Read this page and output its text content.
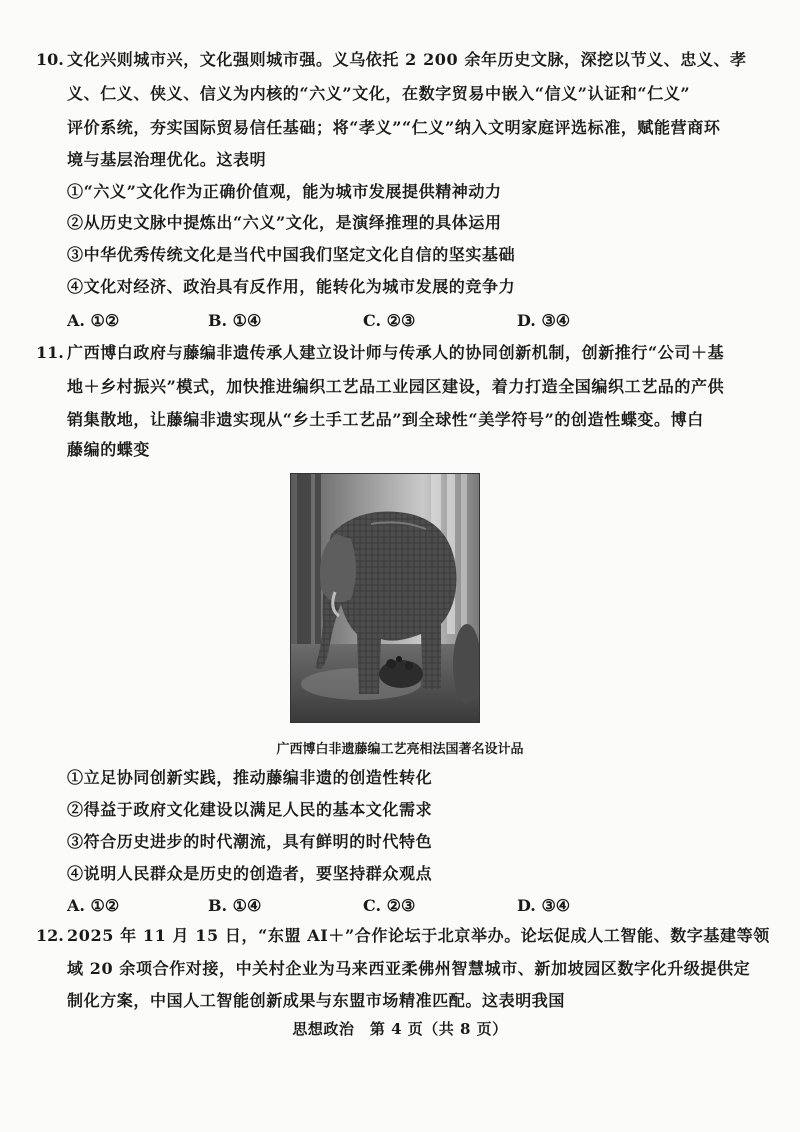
10. 文化兴则城市兴，文化强则城市强。义乌依托 2 200 余年历史文脉，深挖以节义、忠义、孝
义、仁义、侠义、信义为内核的“六义”文化，在数字贸易中嵌入“信义”认证和“仁义”
评价系统，夯实国际贸易信任基础；将“孝义”“仁义”纳入文明家庭评选标准，赋能营商环
境与基层治理优化。这表明
①“六义”文化作为正确价值观，能为城市发展提供精神动力
②从历史文脉中提炼出“六义”文化，是演绎推理的具体运用
③中华优秀传统文化是当代中国我们坚定文化自信的坚实基础
④文化对经济、政治具有反作用，能转化为城市发展的竞争力
A. ①②	B. ①④	C. ②③	D. ③④
11. 广西博白政府与藤编非遗传承人建立设计师与传承人的协同创新机制，创新推行“公司＋基
地＋乡村振兴”模式，加快推进编织工艺品工业园区建设，着力打造全国编织工艺品的产供
销集散地，让藤编非遗实现从“乡土手工艺品”到全球性“美学符号”的创造性蝶变。博白
藤编的蝶变
广西博白非遗藤编工艺亮相法国著名设计品
①立足协同创新实践，推动藤编非遗的创造性转化
②得益于政府文化建设以满足人民的基本文化需求
③符合历史进步的时代潮流，具有鲜明的时代特色
④说明人民群众是历史的创造者，要坚持群众观点
A. ①②	B. ①④	C. ②③	D. ③④
12. 2025 年 11 月 15 日，“东盟 AI＋”合作论坛于北京举办。论坛促成人工智能、数字基建等领
域 20 余项合作对接，中关村企业为马来西亚柔佛州智慧城市、新加坡园区数字化升级提供定
制化方案，中国人工智能创新成果与东盟市场精准匹配。这表明我国
思想政治　第 4 页（共 8 页）
